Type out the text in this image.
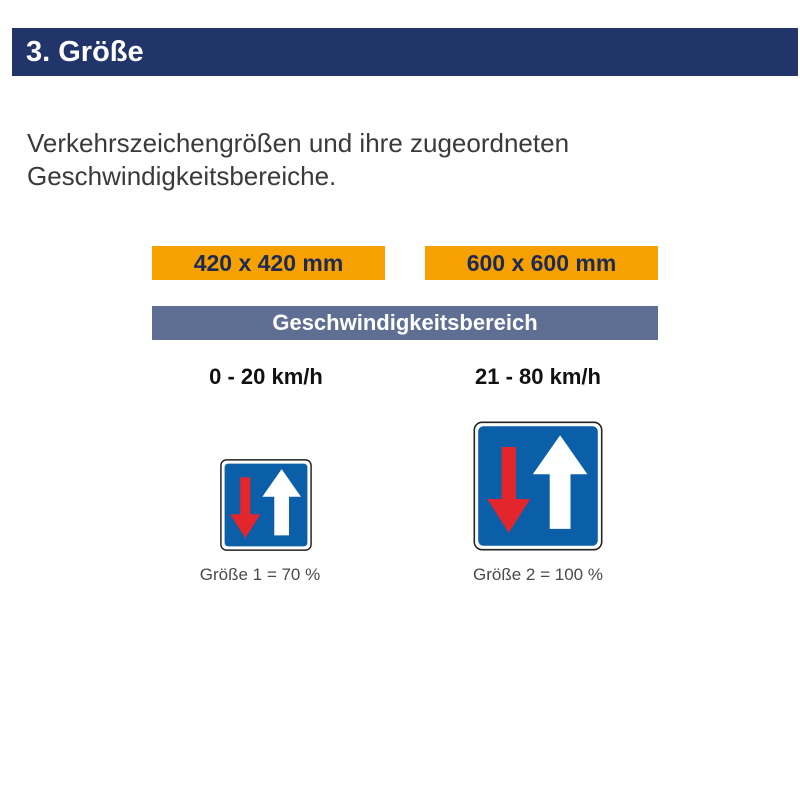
3. Größe
Verkehrszeichengrößen und ihre zugeordneten
Geschwindigkeitsbereiche.
420 x 420 mm	600 x 600 mm
Geschwindigkeitsbereich
0 - 20 km/h	21 - 80 km/h
Größe 1 = 70 %	Größe 2 = 100 %
